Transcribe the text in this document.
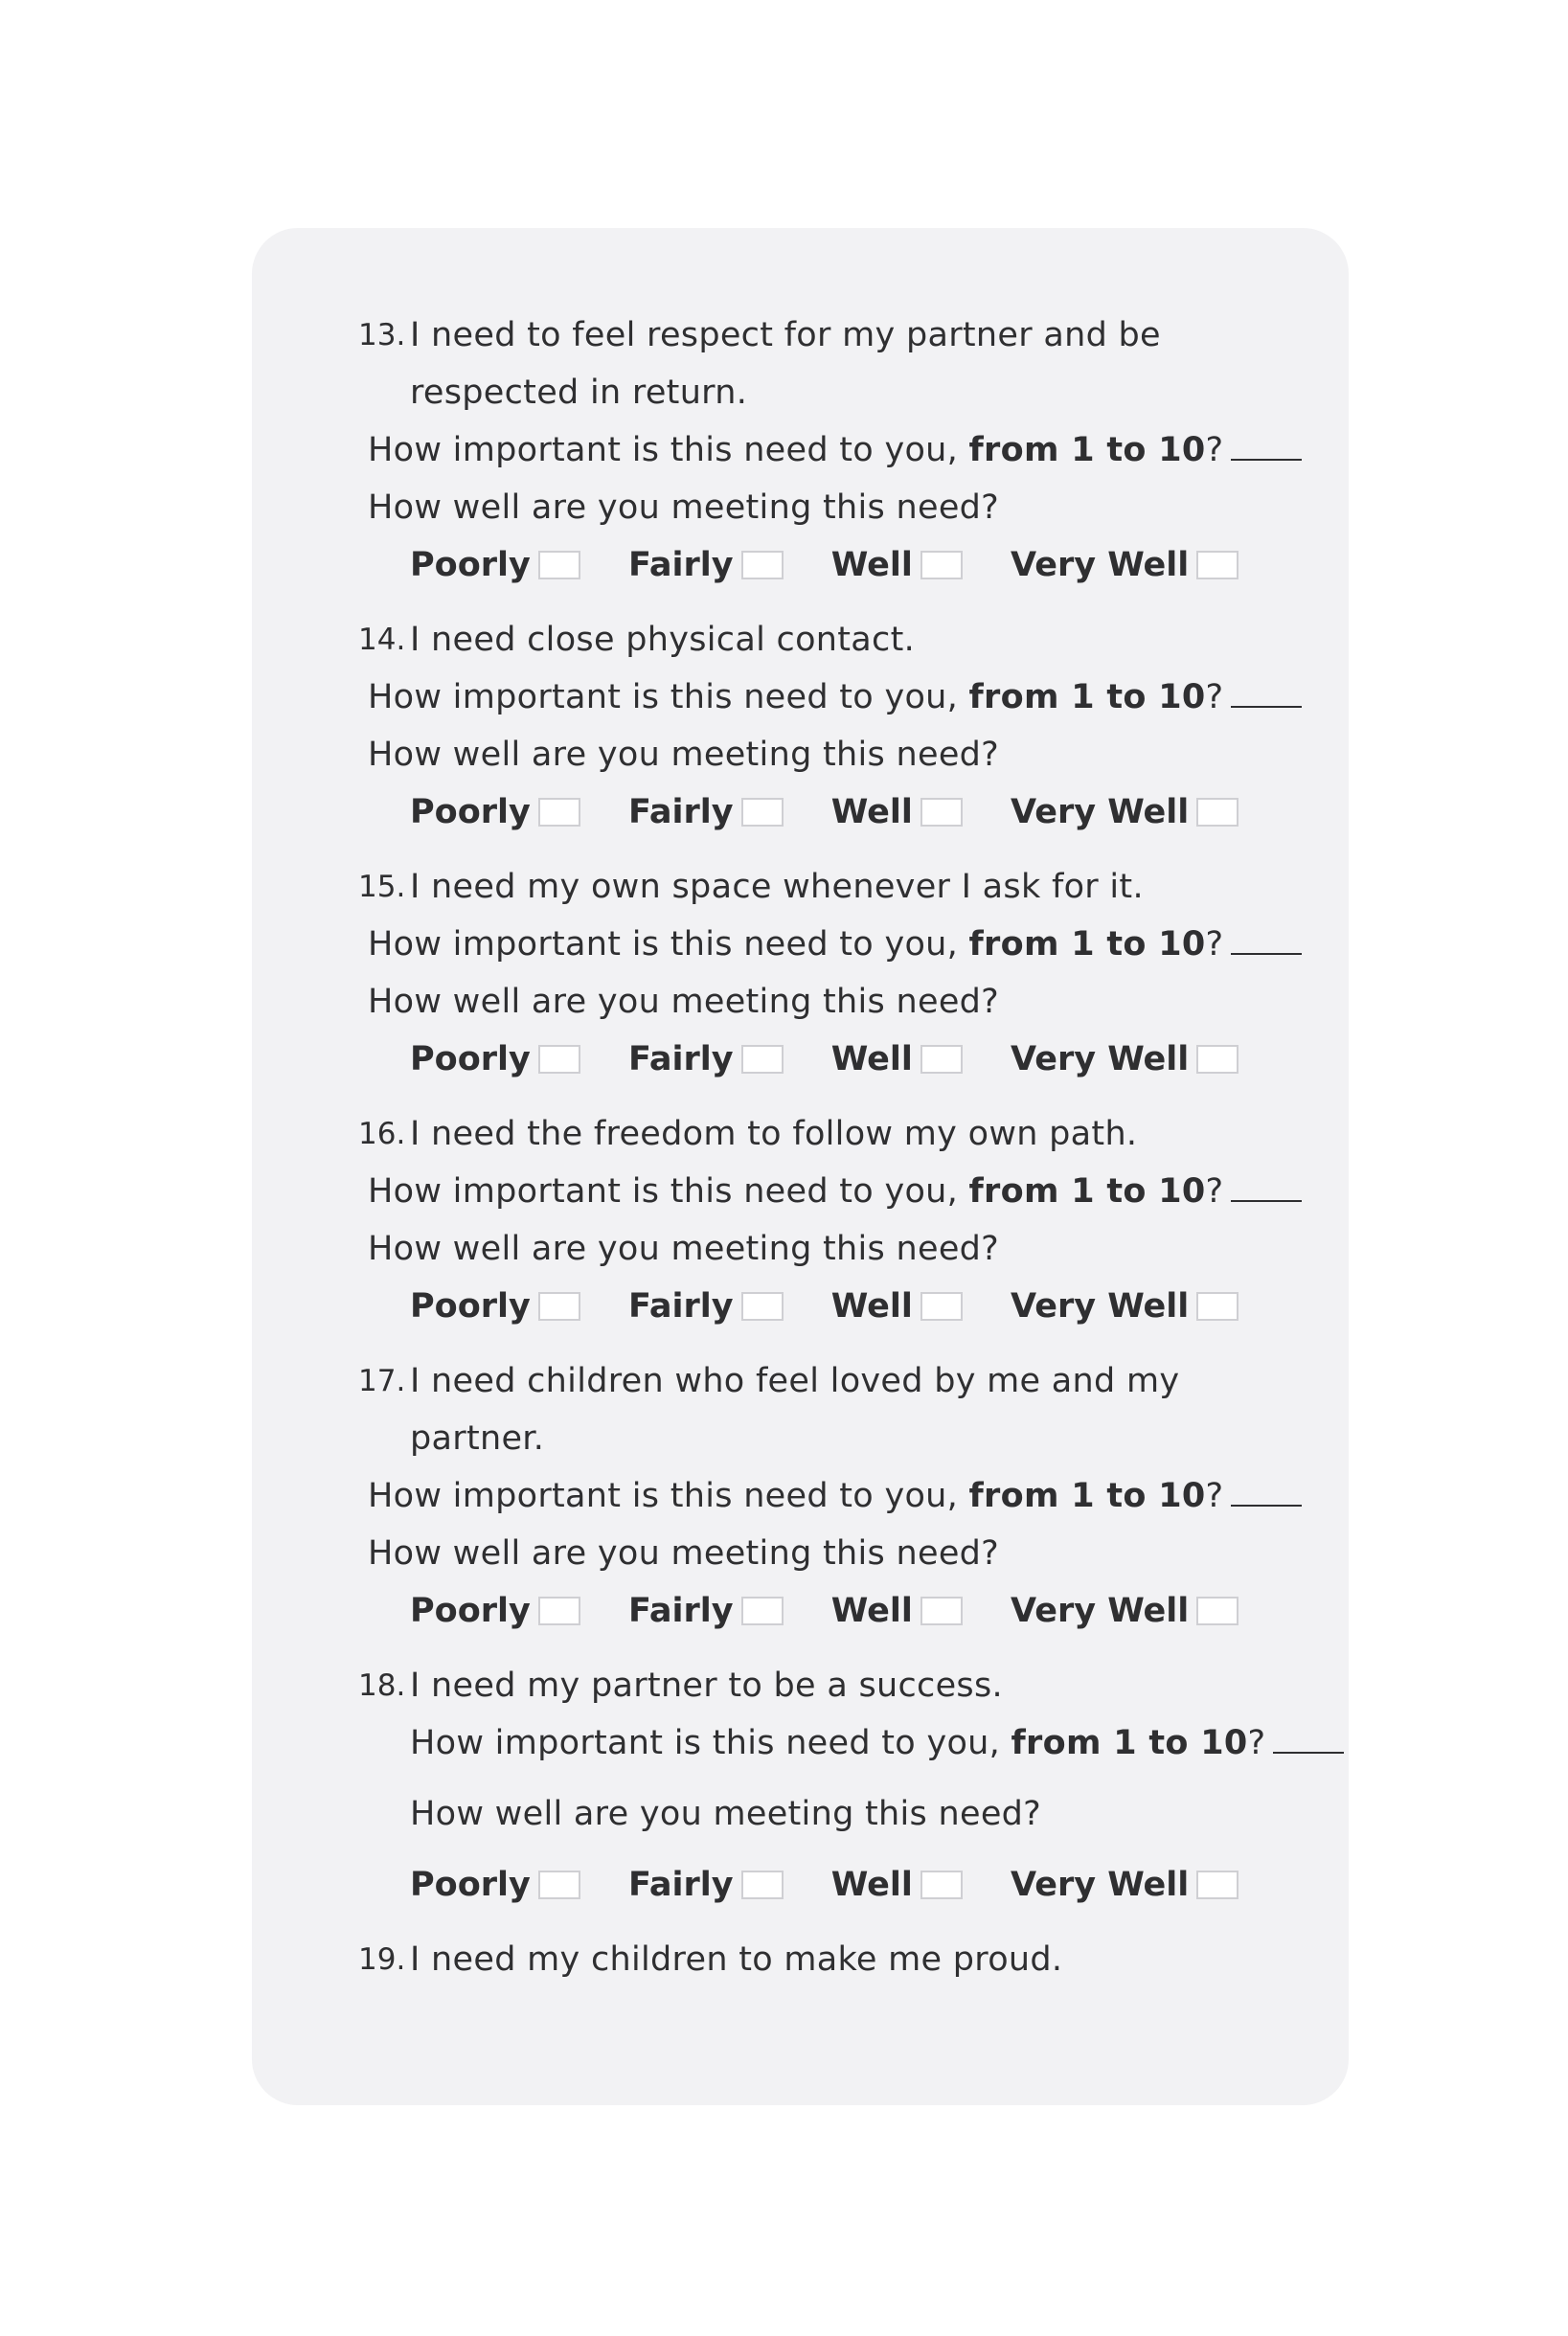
13. I need to feel respect for my partner and be
respected in return.
How important is this need to you, from 1 to 10?
How well are you meeting this need?
Poorly
	Fairly
	Well
	Very Well
14. I need close physical contact.
How important is this need to you, from 1 to 10?
How well are you meeting this need?
Poorly
	Fairly
	Well
	Very Well
15. I need my own space whenever I ask for it.
How important is this need to you, from 1 to 10?
How well are you meeting this need?
Poorly
	Fairly
	Well
	Very Well
16. I need the freedom to follow my own path.
How important is this need to you, from 1 to 10?
How well are you meeting this need?
Poorly
	Fairly
	Well
	Very Well
17. I need children who feel loved by me and my
partner.
How important is this need to you, from 1 to 10?
How well are you meeting this need?
Poorly
	Fairly
	Well
	Very Well
18. I need my partner to be a success.
How important is this need to you, from 1 to 10?
How well are you meeting this need?
Poorly
	Fairly
	Well
	Very Well
19. I need my children to make me proud.
